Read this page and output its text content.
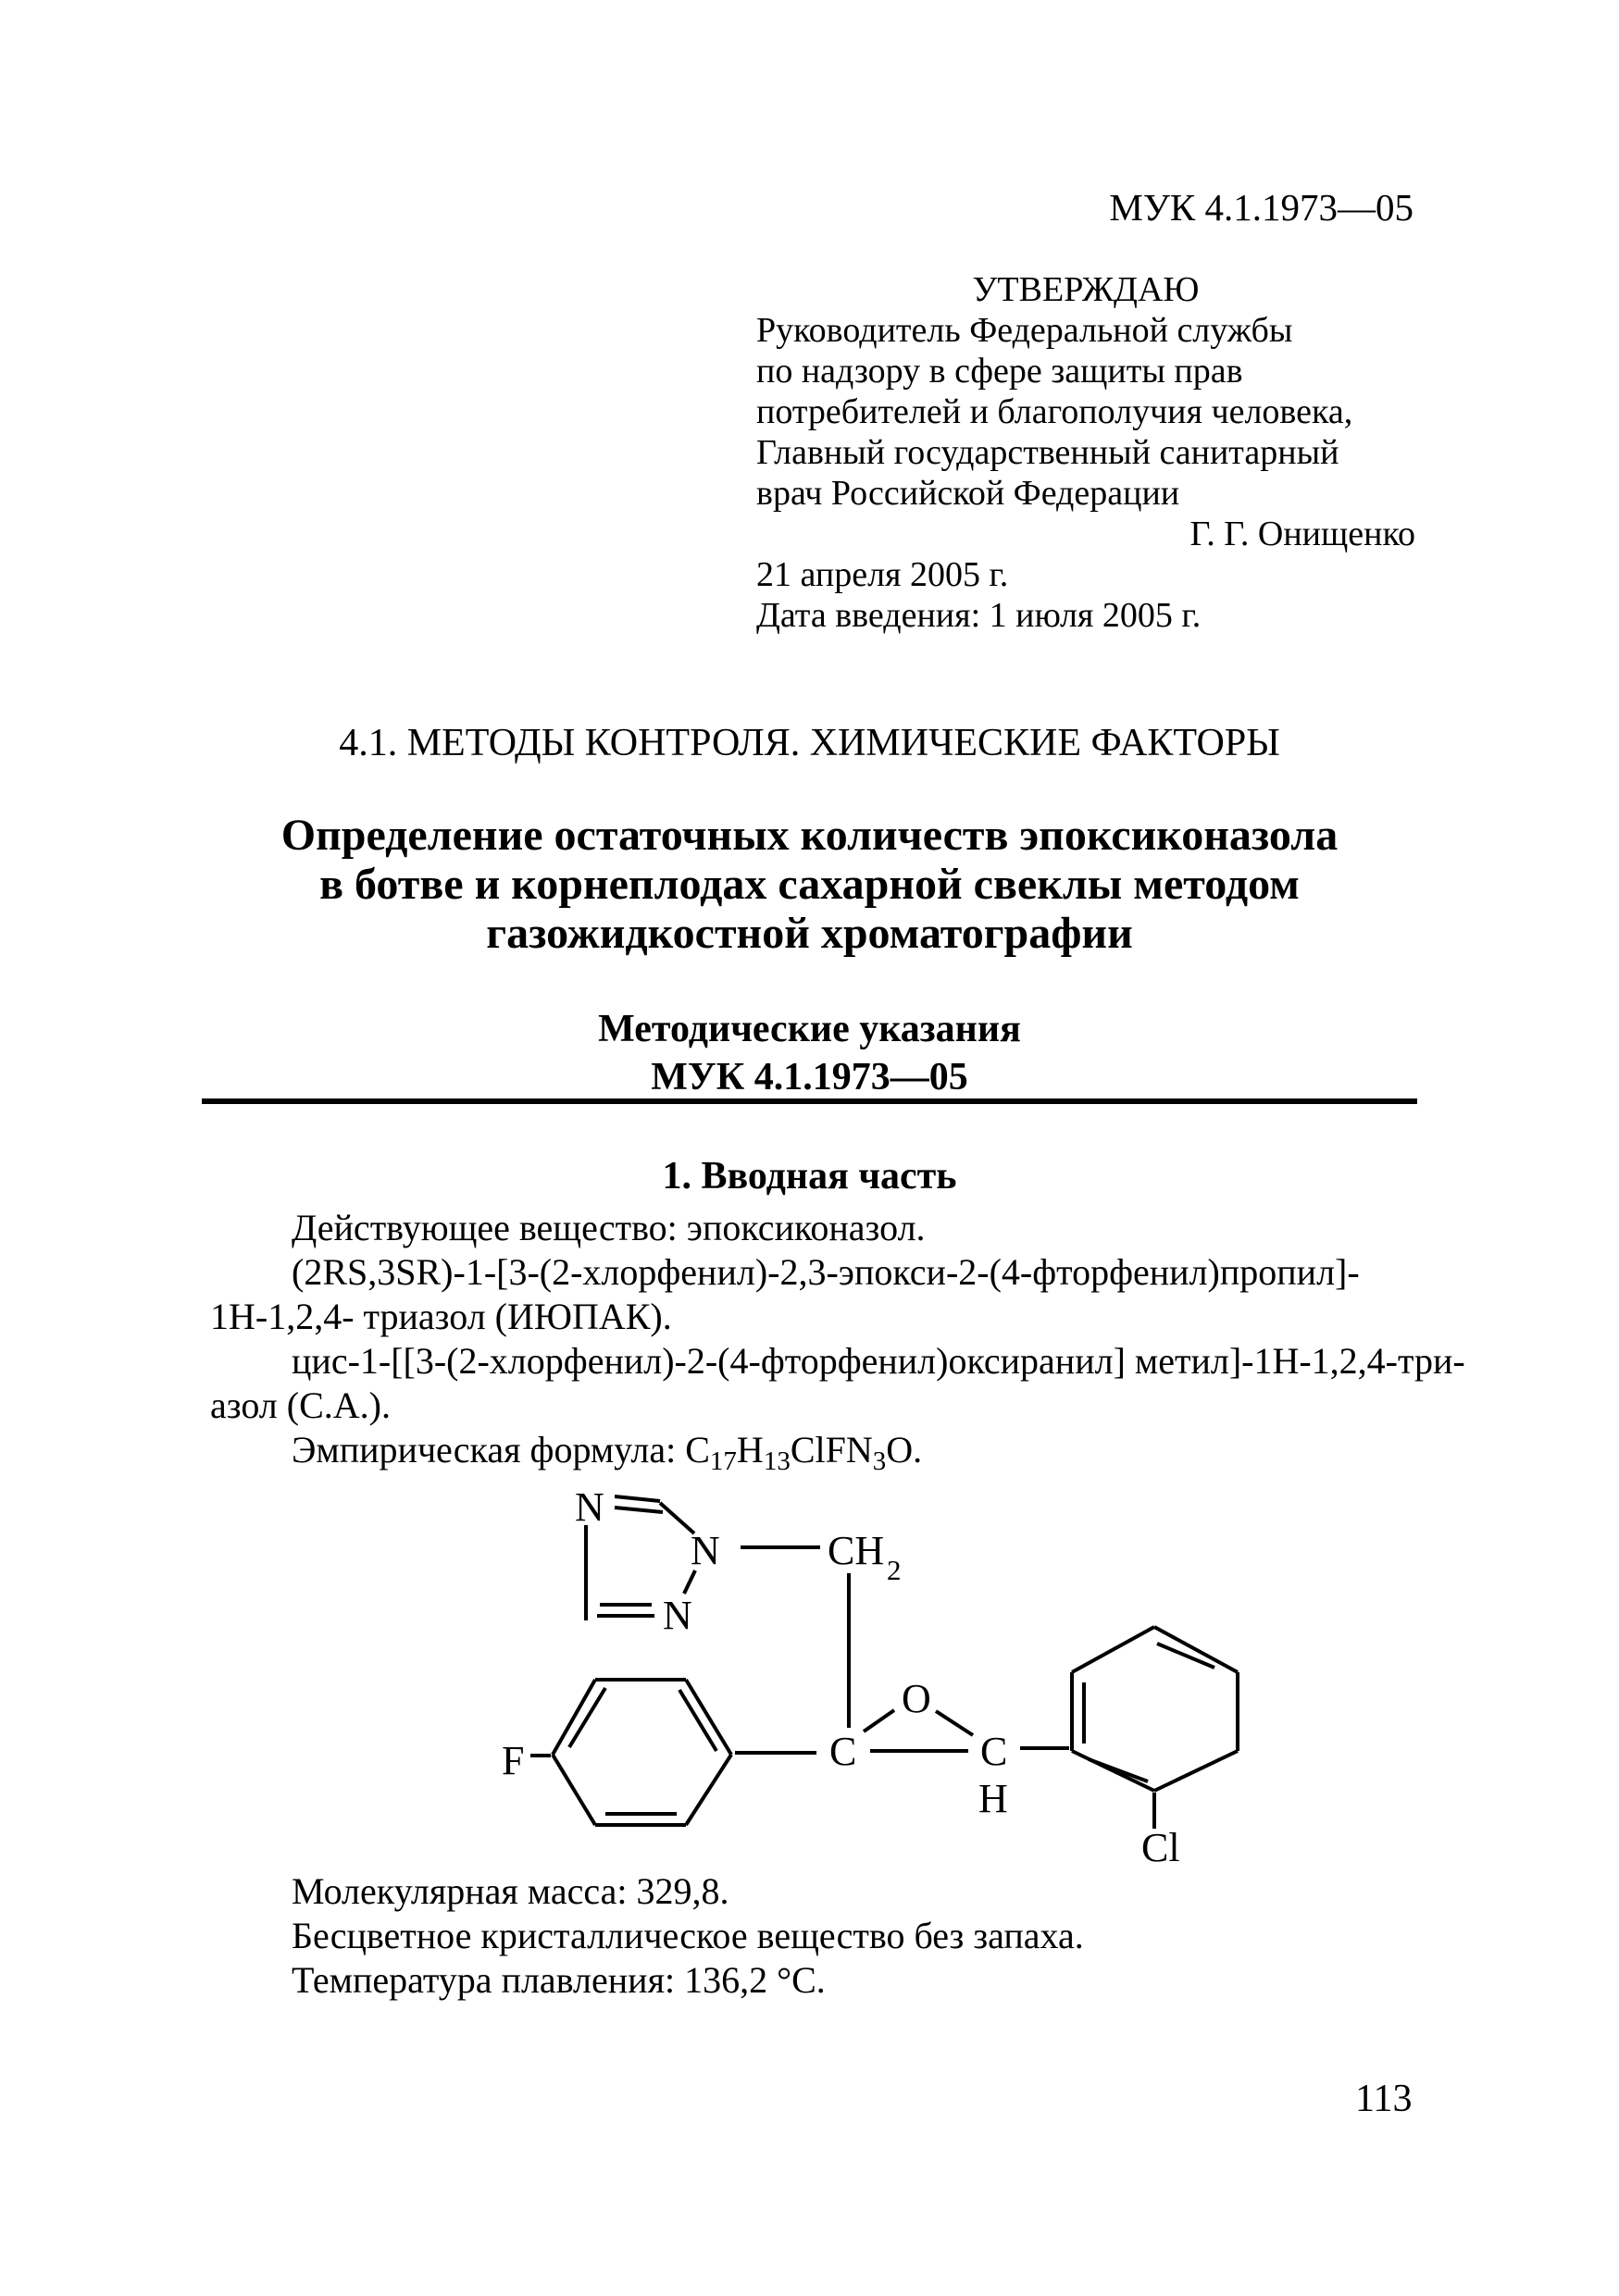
МУК 4.1.1973—05
УТВЕРЖДАЮ
Руководитель Федеральной службы
по надзору в сфере защиты прав
потребителей и благополучия человека,
Главный государственный санитарный
врач Российской Федерации
Г. Г. Онищенко
21 апреля 2005 г.
Дата введения: 1 июля 2005 г.
4.1. МЕТОДЫ КОНТРОЛЯ. ХИМИЧЕСКИЕ ФАКТОРЫ
Определение остаточных количеств эпоксиконазола
в ботве и корнеплодах сахарной свеклы методом
газожидкостной хроматографии
Методические указания
МУК 4.1.1973—05
1. Вводная часть
Действующее вещество: эпоксиконазол.
(2RS,3SR)-1-[3-(2-хлорфенил)-2,3-эпокси-2-(4-фторфенил)пропил]-
1Н-1,2,4- триазол (ИЮПАК).
цис-1-[[3-(2-хлорфенил)-2-(4-фторфенил)оксиранил] метил]-1Н-1,2,4-три-
азол (С.А.).
Эмпирическая формула: $C_{17}H_{13}ClFN_3O$.
N
N
N
CH 2
C
O
C
H
F
Cl
Молекулярная масса: 329,8.
Бесцветное кристаллическое вещество без запаха.
Температура плавления: 136,2 °С.
113
